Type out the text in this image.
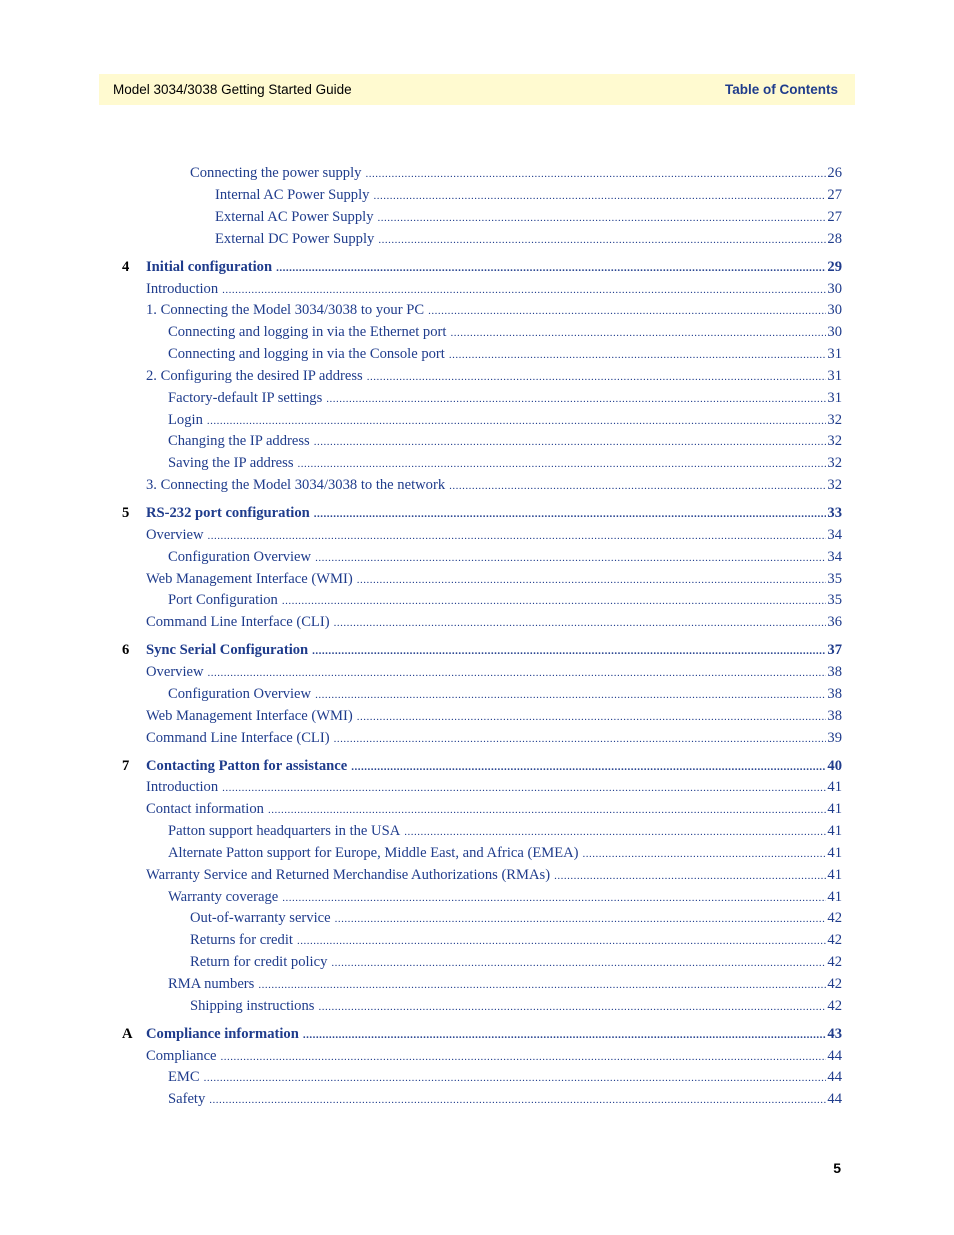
Model 3034/3038 Getting Started Guide	Table of Contents
Connecting the power supply .....	26
Internal AC Power Supply .....	27
External AC Power Supply .....	27
External DC Power Supply .....	28
4	Initial configuration .....	29
Introduction .....	30
1. Connecting the Model 3034/3038 to your PC .....	30
Connecting and logging in via the Ethernet port .....	30
Connecting and logging in via the Console port .....	31
2. Configuring the desired IP address .....	31
Factory-default IP settings .....	31
Login .....	32
Changing the IP address .....	32
Saving the IP address .....	32
3. Connecting the Model 3034/3038 to the network .....	32
5	RS-232 port configuration .....	33
Overview .....	34
Configuration Overview .....	34
Web Management Interface (WMI) .....	35
Port Configuration .....	35
Command Line Interface (CLI) .....	36
6	Sync Serial Configuration .....	37
Overview .....	38
Configuration Overview .....	38
Web Management Interface (WMI) .....	38
Command Line Interface (CLI) .....	39
7	Contacting Patton for assistance .....	40
Introduction .....	41
Contact information .....	41
Patton support headquarters in the USA .....	41
Alternate Patton support for Europe, Middle East, and Africa (EMEA) .....	41
Warranty Service and Returned Merchandise Authorizations (RMAs) .....	41
Warranty coverage .....	41
Out-of-warranty service .....	42
Returns for credit .....	42
Return for credit policy .....	42
RMA numbers .....	42
Shipping instructions .....	42
A Compliance information .....	43
Compliance .....	44
EMC .....	44
Safety .....	44
5
